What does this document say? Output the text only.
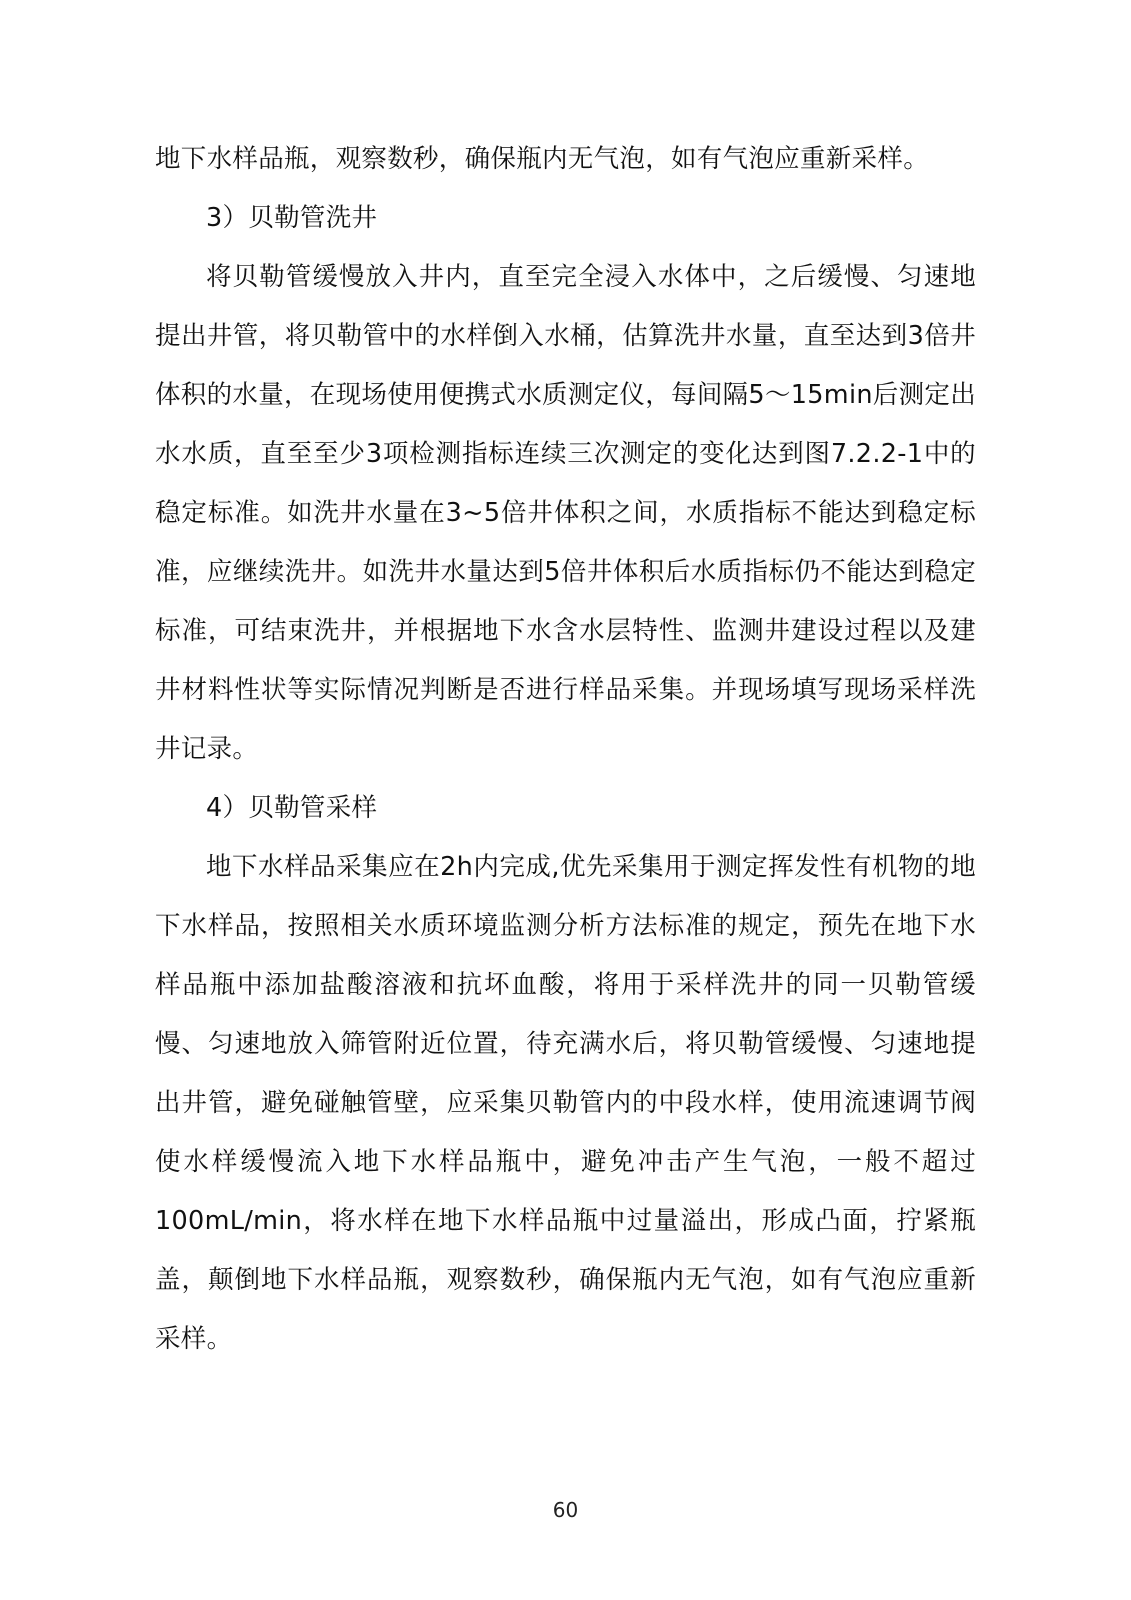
地下水样品瓶，观察数秒，确保瓶内无气泡，如有气泡应重新采样。

3）贝勒管洗井

将贝勒管缓慢放入井内，直至完全浸入水体中，之后缓慢、匀速地提出井管，将贝勒管中的水样倒入水桶，估算洗井水量，直至达到3倍井体积的水量，在现场使用便携式水质测定仪，每间隔5～15min后测定出水水质，直至至少3项检测指标连续三次测定的变化达到图7.2.2-1中的稳定标准。如洗井水量在3~5倍井体积之间，水质指标不能达到稳定标准，应继续洗井。如洗井水量达到5倍井体积后水质指标仍不能达到稳定标准，可结束洗井，并根据地下水含水层特性、监测井建设过程以及建井材料性状等实际情况判断是否进行样品采集。并现场填写现场采样洗井记录。

4）贝勒管采样

地下水样品采集应在2h内完成,优先采集用于测定挥发性有机物的地下水样品，按照相关水质环境监测分析方法标准的规定，预先在地下水样品瓶中添加盐酸溶液和抗坏血酸，将用于采样洗井的同一贝勒管缓慢、匀速地放入筛管附近位置，待充满水后，将贝勒管缓慢、匀速地提出井管，避免碰触管壁，应采集贝勒管内的中段水样，使用流速调节阀使水样缓慢流入地下水样品瓶中，避免冲击产生气泡，一般不超过100mL/min，将水样在地下水样品瓶中过量溢出，形成凸面，拧紧瓶盖，颠倒地下水样品瓶，观察数秒，确保瓶内无气泡，如有气泡应重新采样。

60
